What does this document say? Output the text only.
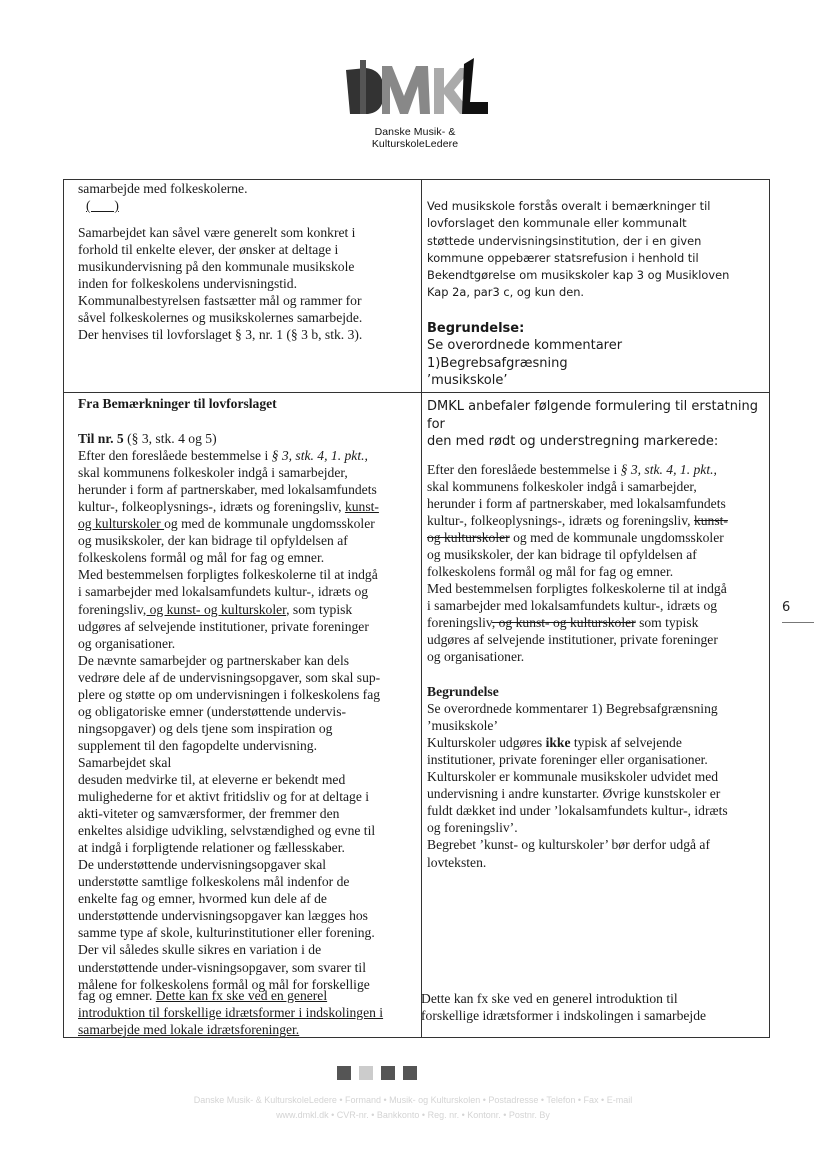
Danske Musik- & KulturskoleLedere
samarbejde med folkeskolerne.
(       )
Samarbejdet kan såvel være generelt som konkret i
forhold til enkelte elever, der ønsker at deltage i
musikundervisning på den kommunale musikskole
inden for folkeskolens undervisningstid.
Kommunalbestyrelsen fastsætter mål og rammer for
såvel folkeskolernes og musikskolernes samarbejde.
Der henvises til lovforslaget § 3, nr. 1 (§ 3 b, stk. 3).
Ved musikskole forstås overalt i bemærkninger til
lovforslaget den kommunale eller kommunalt
støttede undervisningsinstitution, der i en given
kommune oppebærer statsrefusion i henhold til
Bekendtgørelse om musikskoler kap 3 og Musikloven
Kap 2a, par3 c, og kun den.
Begrundelse:
Se overordnede kommentarer 1)Begrebsafgræsning
’musikskole’
Fra Bemærkninger til lovforslaget
Til nr. 5 (§ 3, stk. 4 og 5)
Efter den foreslåede bestemmelse i § 3, stk. 4, 1. pkt.,
skal kommunens folkeskoler indgå i samarbejder,
herunder i form af partnerskaber, med lokalsamfundets
kultur-, folkeoplysnings-, idræts og foreningsliv, kunst-
og kulturskoler og med de kommunale ungdomsskoler
og musikskoler, der kan bidrage til opfyldelsen af
folkeskolens formål og mål for fag og emner.
Med bestemmelsen forpligtes folkeskolerne til at indgå
i samarbejder med lokalsamfundets kultur-, idræts og
foreningsliv, og kunst- og kulturskoler, som typisk
udgøres af selvejende institutioner, private foreninger
og organisationer.
De nævnte samarbejder og partnerskaber kan dels
vedrøre dele af de undervisningsopgaver, som skal sup-
plere og støtte op om undervisningen i folkeskolens fag
og obligatoriske emner (understøttende undervis-
ningsopgaver) og dels tjene som inspiration og
supplement til den fagopdelte undervisning.
Samarbejdet skal
desuden medvirke til, at eleverne er bekendt med
mulighederne for et aktivt fritidsliv og for at deltage i
akti-viteter og samværsformer, der fremmer den
enkeltes alsidige udvikling, selvstændighed og evne til
at indgå i forpligtende relationer og fællesskaber.
De understøttende undervisningsopgaver skal
understøtte samtlige folkeskolens mål indenfor de
enkelte fag og emner, hvormed kun dele af de
understøttende undervisningsopgaver kan lægges hos
samme type af skole, kulturinstitutioner eller forening.
Der vil således skulle sikres en variation i de
understøttende under-visningsopgaver, som svarer til
målene for folkeskolens formål og mål for forskellige
DMKL anbefaler følgende formulering til erstatning for
den med rødt og understregning markerede:
Efter den foreslåede bestemmelse i § 3, stk. 4, 1. pkt.,
skal kommunens folkeskoler indgå i samarbejder,
herunder i form af partnerskaber, med lokalsamfundets
kultur-, folkeoplysnings-, idræts og foreningsliv, kunst-
og kulturskoler og med de kommunale ungdomsskoler
og musikskoler, der kan bidrage til opfyldelsen af
folkeskolens formål og mål for fag og emner.
Med bestemmelsen forpligtes folkeskolerne til at indgå
i samarbejder med lokalsamfundets kultur-, idræts og
foreningsliv, og kunst- og kulturskoler som typisk
udgøres af selvejende institutioner, private foreninger
og organisationer.
Begrundelse
Se overordnede kommentarer 1) Begrebsafgrænsning
’musikskole’
Kulturskoler udgøres ikke typisk af selvejende
institutioner, private foreninger eller organisationer.
Kulturskoler er kommunale musikskoler udvidet med
undervisning i andre kunstarter. Øvrige kunstskoler er
fuldt dækket ind under ’lokalsamfundets kultur-, idræts
og foreningsliv’.
Begrebet ’kunst- og kulturskoler’ bør derfor udgå af
lovteksten.
fag og emner. Dette kan fx ske ved en generel
introduktion til forskellige idrætsformer i indskolingen i
samarbejde med lokale idrætsforeninger.
Dette kan fx ske ved en generel introduktion til
forskellige idrætsformer i indskolingen i samarbejde
6
Danske Musik- & KulturskoleLedere • Formand • Musik- og Kulturskolen • Postadresse • Telefon • Fax • E-mail
www.dmkl.dk • CVR-nr. • Bankkonto • Reg. nr. • Kontonr. • Postnr. By
